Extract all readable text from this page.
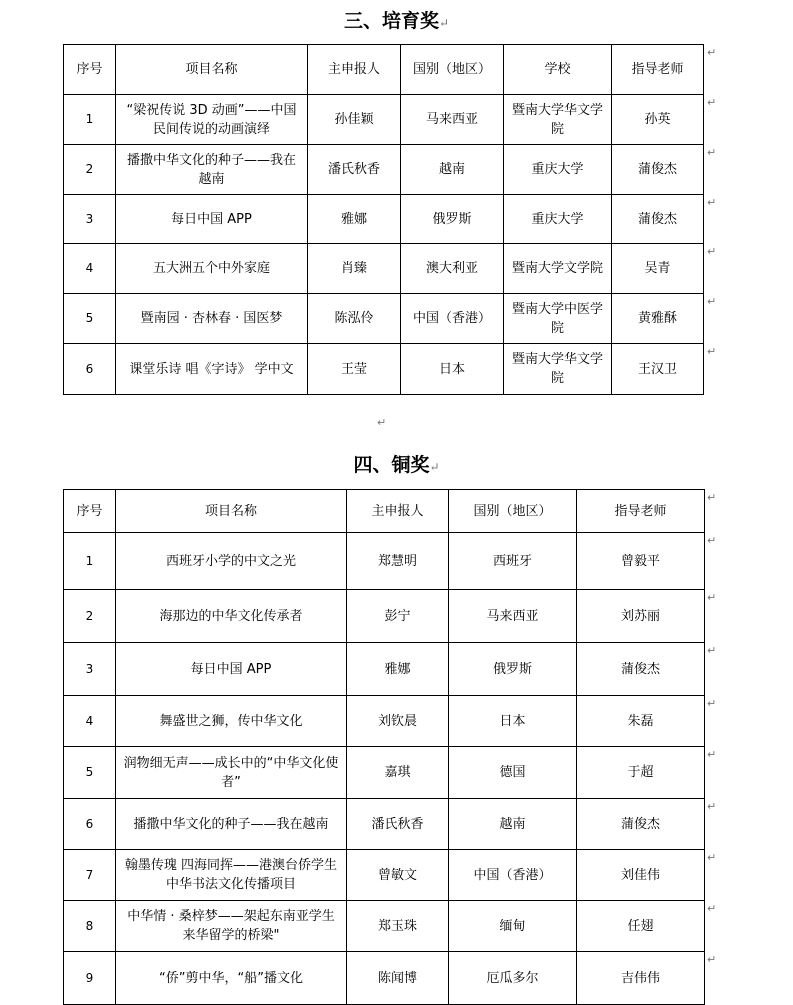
三、培育奖↵
序号	项目名称	主申报人	国别（地区）	学校	指导老师
1	“梁祝传说 3D 动画”——中国民间传说的动画演绎	孙佳颖	马来西亚	暨南大学华文学院	孙英
2	播撒中华文化的种子——我在越南	潘氏秋香	越南	重庆大学	蒲俊杰
3	每日中国 APP	雅娜	俄罗斯	重庆大学	蒲俊杰
4	五大洲五个中外家庭	肖臻	澳大利亚	暨南大学文学院	吴青
5	暨南园 · 杏林春 · 国医梦	陈泓伶	中国（香港）	暨南大学中医学院	黄雅酥
6	课堂乐诗 唱《字诗》 学中文	王莹	日本	暨南大学华文学院	王汉卫
↵
四、铜奖↵
序号	项目名称	主申报人	国别（地区）	指导老师
1	西班牙小学的中文之光	郑慧明	西班牙	曾毅平
2	海那边的中华文化传承者	彭宁	马来西亚	刘苏丽
3	每日中国 APP	雅娜	俄罗斯	蒲俊杰
4	舞盛世之狮，传中华文化	刘钦晨	日本	朱磊
5	润物细无声——成长中的“中华文化使者”	嘉琪	德国	于超
6	播撒中华文化的种子——我在越南	潘氏秋香	越南	蒲俊杰
7	翰墨传瑰 四海同挥——港澳台侨学生中华书法文化传播项目	曾敏文	中国（香港）	刘佳伟
8	中华情 · 桑梓梦——架起东南亚学生来华留学的桥梁"	郑玉珠	缅甸	任翅
9	“侨”剪中华，“船”播文化	陈闻博	厄瓜多尔	吉伟伟
↵
↵
↵
↵
↵
↵
↵
↵
↵
↵
↵
↵
↵
↵
↵
↵
↵
